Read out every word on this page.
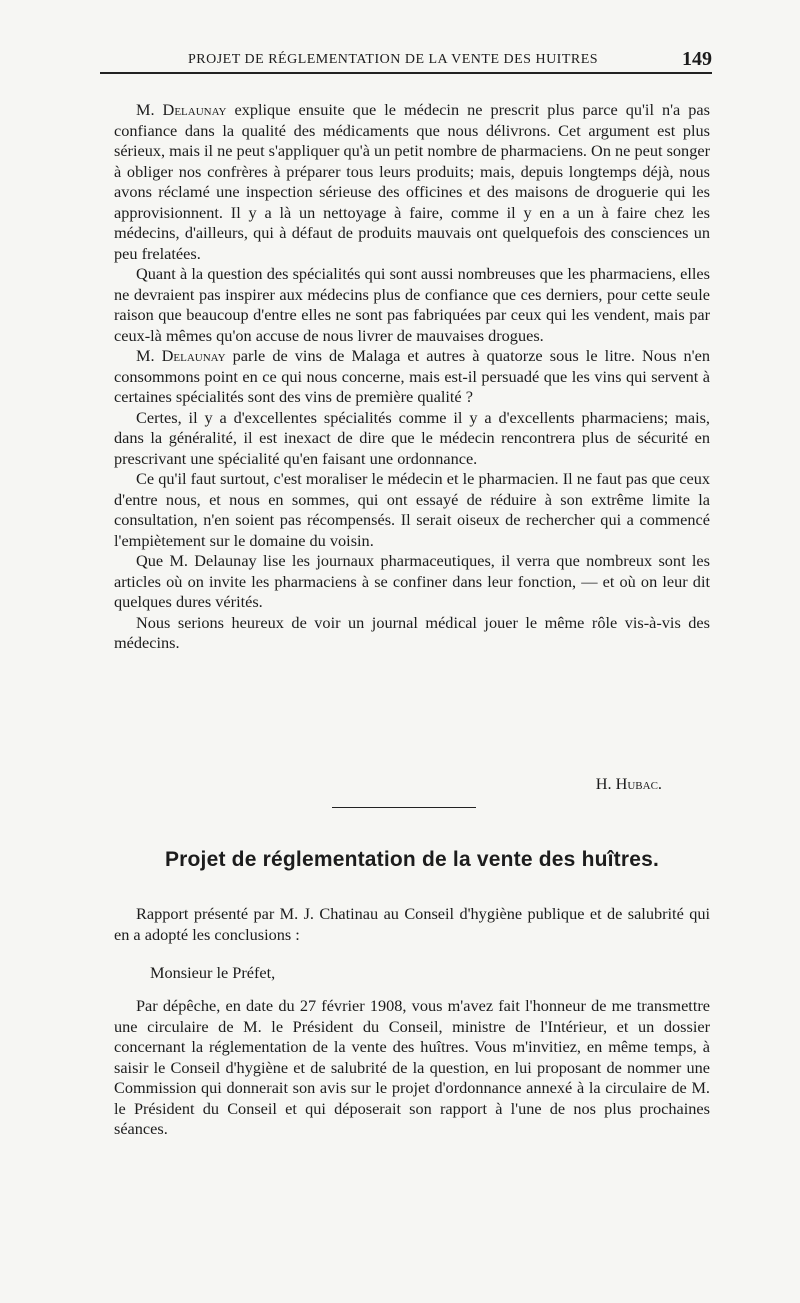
PROJET DE RÉGLEMENTATION DE LA VENTE DES HUITRES	149

M. Delaunay explique ensuite que le médecin ne prescrit plus parce qu'il n'a pas confiance dans la qualité des médicaments que nous délivrons. Cet argument est plus sérieux, mais il ne peut s'appliquer qu'à un petit nombre de pharmaciens. On ne peut songer à obliger nos confrères à préparer tous leurs produits; mais, depuis longtemps déjà, nous avons réclamé une inspection sérieuse des officines et des maisons de droguerie qui les approvisionnent. Il y a là un nettoyage à faire, comme il y en a un à faire chez les médecins, d'ailleurs, qui à défaut de produits mauvais ont quelquefois des consciences un peu frelatées.

Quant à la question des spécialités qui sont aussi nombreuses que les pharmaciens, elles ne devraient pas inspirer aux médecins plus de confiance que ces derniers, pour cette seule raison que beaucoup d'entre elles ne sont pas fabriquées par ceux qui les vendent, mais par ceux-là mêmes qu'on accuse de nous livrer de mauvaises drogues.

M. Delaunay parle de vins de Malaga et autres à quatorze sous le litre. Nous n'en consommons point en ce qui nous concerne, mais est-il persuadé que les vins qui servent à certaines spécialités sont des vins de première qualité ?

Certes, il y a d'excellentes spécialités comme il y a d'excellents pharmaciens; mais, dans la généralité, il est inexact de dire que le médecin rencontrera plus de sécurité en prescrivant une spécialité qu'en faisant une ordonnance.

Ce qu'il faut surtout, c'est moraliser le médecin et le pharmacien. Il ne faut pas que ceux d'entre nous, et nous en sommes, qui ont essayé de réduire à son extrême limite la consultation, n'en soient pas récompensés. Il serait oiseux de rechercher qui a commencé l'empiètement sur le domaine du voisin.

Que M. Delaunay lise les journaux pharmaceutiques, il verra que nombreux sont les articles où on invite les pharmaciens à se confiner dans leur fonction, — et où on leur dit quelques dures vérités.

Nous serions heureux de voir un journal médical jouer le même rôle vis-à-vis des médecins.

H. Hubac.
Projet de réglementation de la vente des huîtres.

Rapport présenté par M. J. Chatinau au Conseil d'hygiène publique et de salubrité qui en a adopté les conclusions :

Monsieur le Préfet,

Par dépêche, en date du 27 février 1908, vous m'avez fait l'honneur de me transmettre une circulaire de M. le Président du Conseil, ministre de l'Intérieur, et un dossier concernant la réglementation de la vente des huîtres. Vous m'invitiez, en même temps, à saisir le Conseil d'hygiène et de salubrité de la question, en lui proposant de nommer une Commission qui donnerait son avis sur le projet d'ordonnance annexé à la circulaire de M. le Président du Conseil et qui déposerait son rapport à l'une de nos plus prochaines séances.
